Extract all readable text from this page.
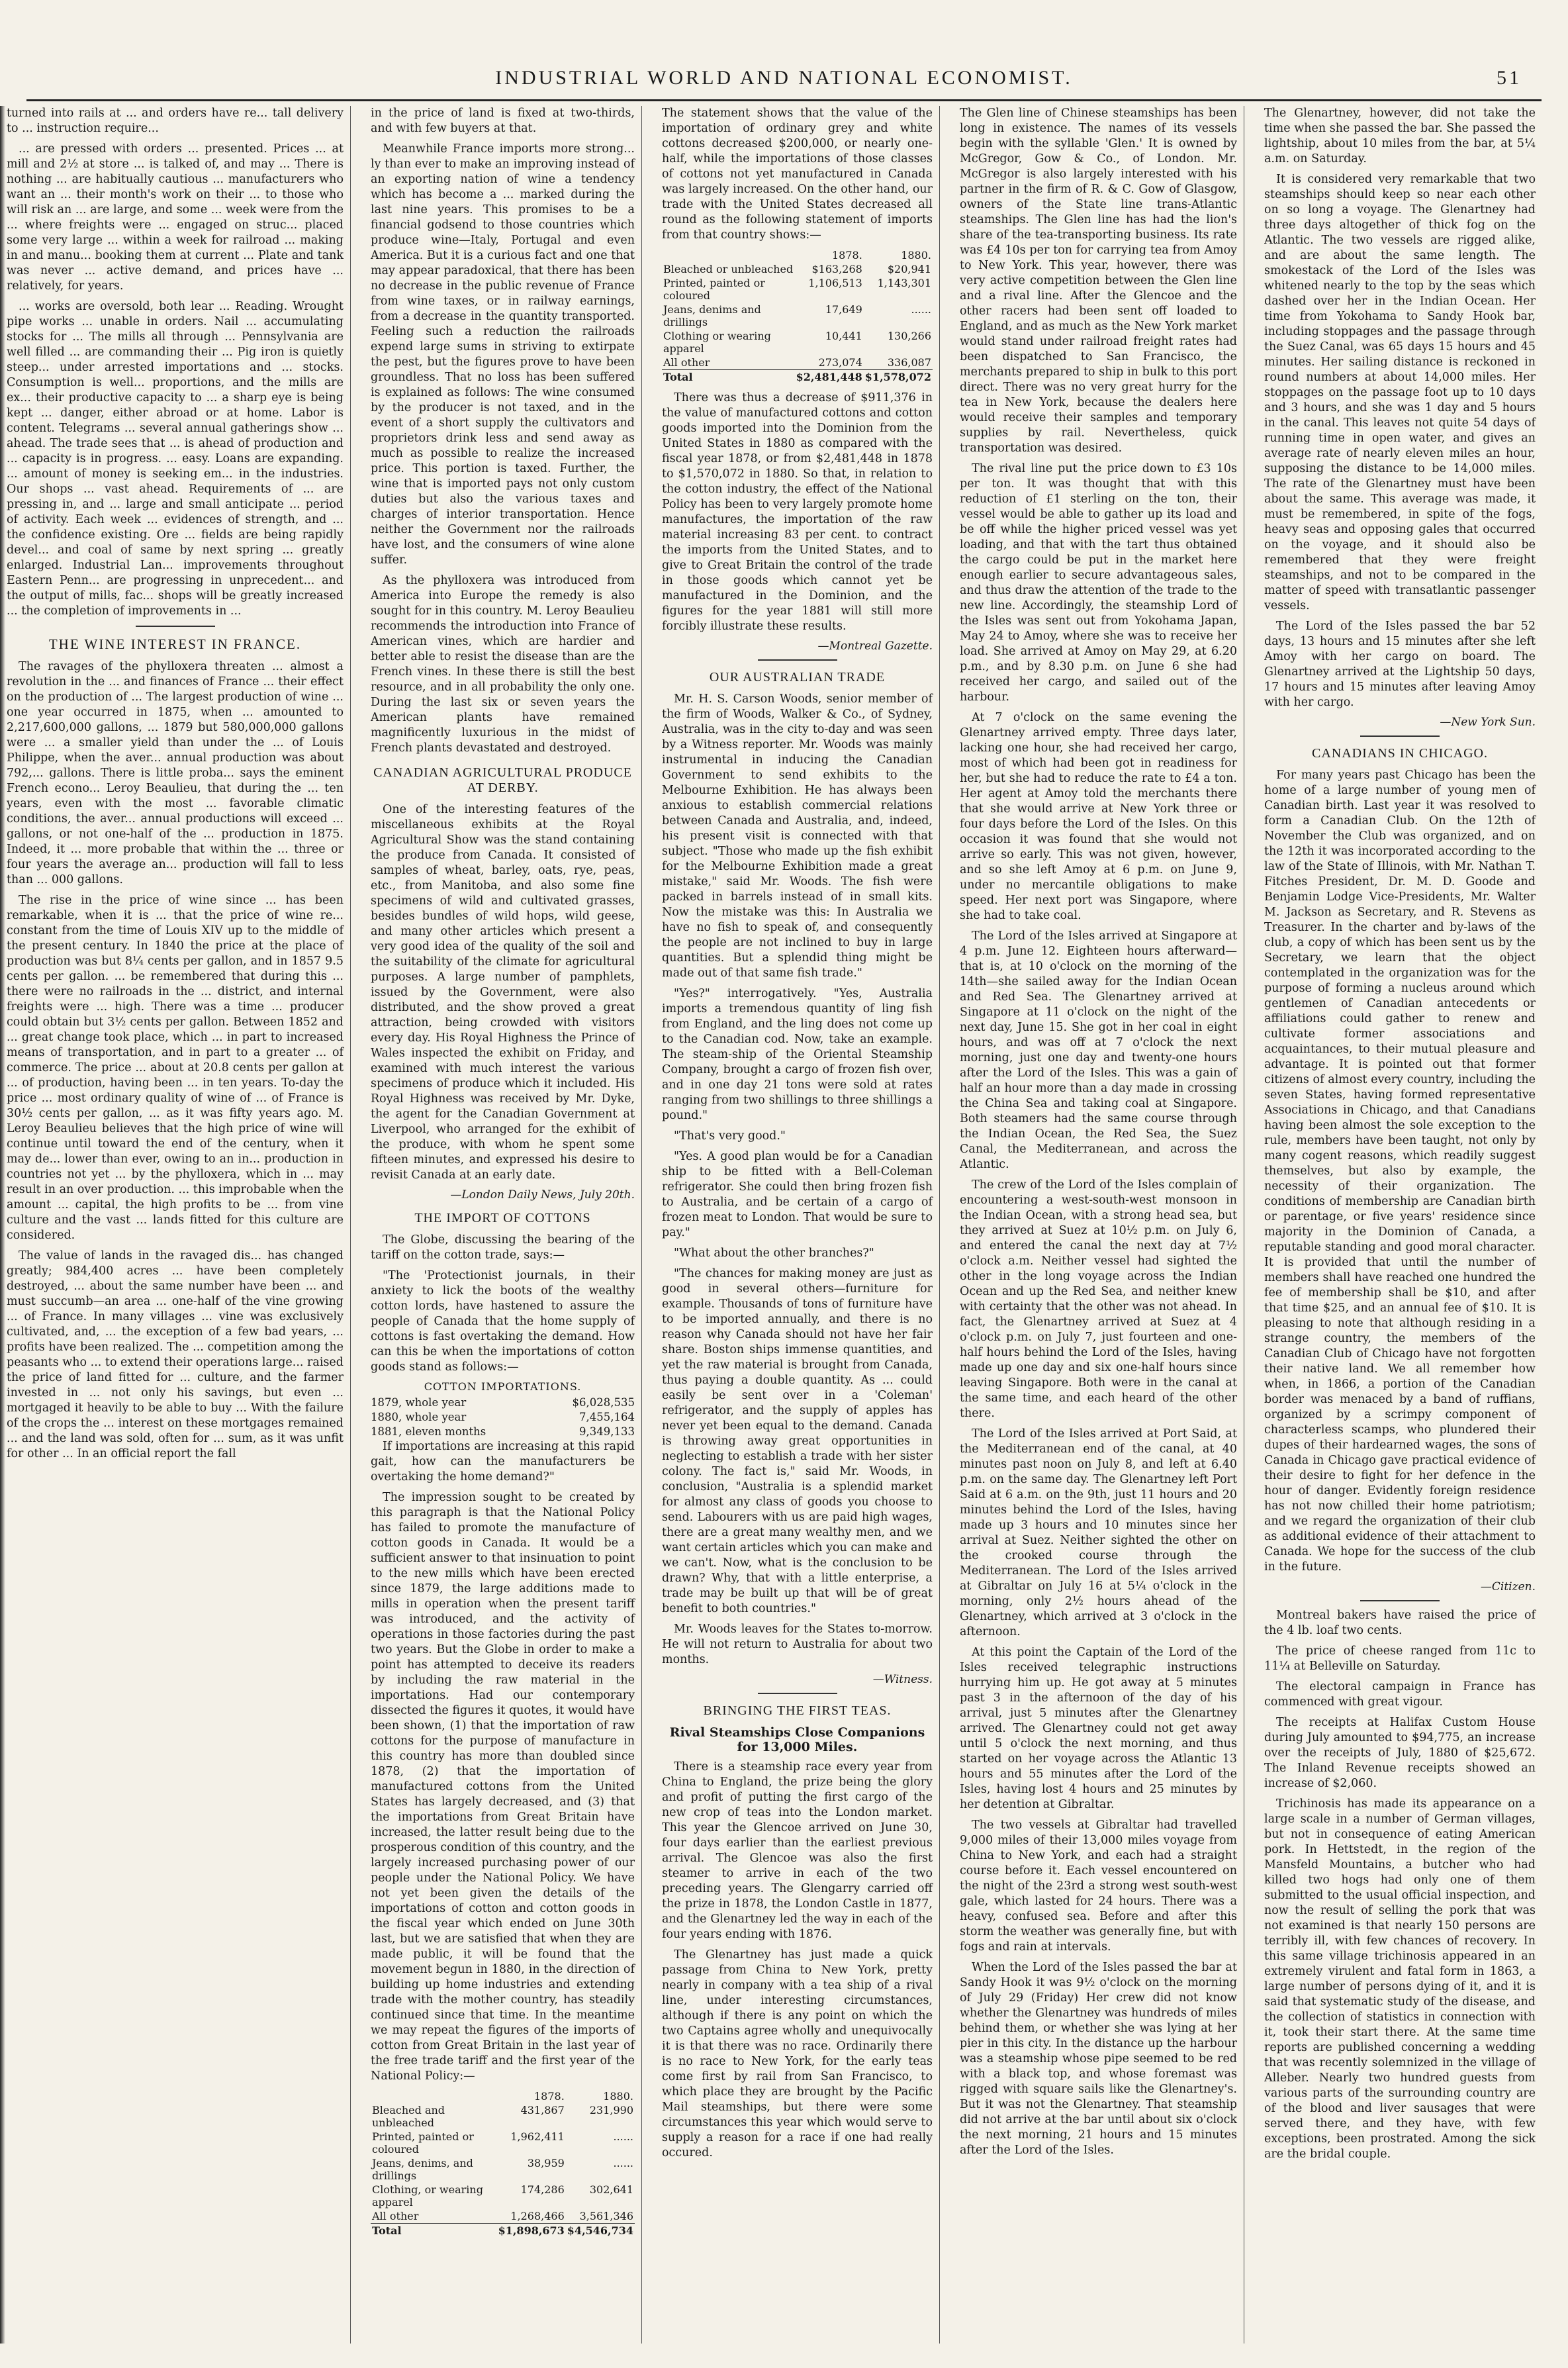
INDUSTRIAL WORLD AND NATIONAL ECONOMIST.	51

turned into rails at ... and orders have re... tall delivery to ... instruction require...

... are pressed with orders ... presented. Prices ... at mill and 2½ at store ... is talked of, and may ... There is nothing ... are habitually cautious ... manufacturers who want an ... their month's work on their ... to those who will risk an ... are large, and some ... week were from the ... where freights were ... engaged on struc... placed some very large ... within a week for railroad ... making in and manu... booking them at current ... Plate and tank was never ... active demand, and prices have ... relatively, for years.

... works are oversold, both lear ... Reading. Wrought pipe works ... unable in orders. Nail ... accumulating stocks for ... The mills all through ... Pennsylvania are well filled ... are commanding their ... Pig iron is quietly steep... under arrested importations and ... stocks. Consumption is well... proportions, and the mills are ex... their productive capacity to ... a sharp eye is being kept ... danger, either abroad or at home. Labor is content. Telegrams ... several annual gatherings show ... ahead. The trade sees that ... is ahead of production and ... capacity is in progress. ... easy. Loans are expanding. ... amount of money is seeking em... in the industries. Our shops ... vast ahead. Requirements of ... are pressing in, and ... large and small anticipate ... period of activity. Each week ... evidences of strength, and ... the confidence existing. Ore ... fields are being rapidly devel... and coal of same by next spring ... greatly enlarged. Industrial Lan... improvements throughout Eastern Penn... are progressing in unprecedent... and the output of mills, fac... shops will be greatly increased ... the completion of improvements in ...

THE WINE INTEREST IN FRANCE.

The ravages of the phylloxera threaten ... almost a revolution in the ... and finances of France ... their effect on the production of ... The largest production of wine ... one year occurred in 1875, when ... amounted to 2,217,600,000 gallons, ... 1879 but 580,000,000 gallons were ... a smaller yield than under the ... of Louis Philippe, when the aver... annual production was about 792,... gallons. There is little proba... says the eminent French econo... Leroy Beaulieu, that during the ... ten years, even with the most ... favorable climatic conditions, the aver... annual productions will exceed ... gallons, or not one-half of the ... production in 1875. Indeed, it ... more probable that within the ... three or four years the average an... production will fall to less than ... 000 gallons.

The rise in the price of wine since ... has been remarkable, when it is ... that the price of wine re... constant from the time of Louis XIV up to the middle of the present century. In 1840 the price at the place of production was but 8¼ cents per gallon, and in 1857 9.5 cents per gallon. ... be remembered that during this ... there were no railroads in the ... district, and internal freights were ... high. There was a time ... producer could obtain but 3½ cents per gallon. Between 1852 and ... great change took place, which ... in part to increased means of transportation, and in part to a greater ... of commerce. The price ... about at 20.8 cents per gallon at ... of production, having been ... in ten years. To-day the price ... most ordinary quality of wine of ... of France is 30½ cents per gallon, ... as it was fifty years ago. M. Leroy Beaulieu believes that the high price of wine will continue until toward the end of the century, when it may de... lower than ever, owing to an in... production in countries not yet ... by the phylloxera, which in ... may result in an over production. ... this improbable when the amount ... capital, the high profits to be ... from vine culture and the vast ... lands fitted for this culture are considered.

The value of lands in the ravaged dis... has changed greatly; 984,400 acres ... have been completely destroyed, ... about the same number have been ... and must succumb—an area ... one-half of the vine growing ... of France. In many villages ... vine was exclusively cultivated, and, ... the exception of a few bad years, ... profits have been realized. The ... competition among the peasants who ... to extend their operations large... raised the price of land fitted for ... culture, and the farmer invested in ... not only his savings, but even ... mortgaged it heavily to be able to buy ... With the failure of the crops the ... interest on these mortgages remained ... and the land was sold, often for ... sum, as it was unfit for other ... In an official report the fall

in the price of land is fixed at two-thirds, and with few buyers at that.

Meanwhile France imports more strong... ly than ever to make an improving instead of an exporting nation of wine a tendency which has become a ... marked during the last nine years. This promises to be a financial godsend to those countries which produce wine—Italy, Portugal and even America. But it is a curious fact and one that may appear paradoxical, that there has been no decrease in the public revenue of France from wine taxes, or in railway earnings, from a decrease in the quantity transported. Feeling such a reduction the railroads expend large sums in striving to extirpate the pest, but the figures prove to have been groundless. That no loss has been suffered is explained as follows: The wine consumed by the producer is not taxed, and in the event of a short supply the cultivators and proprietors drink less and send away as much as possible to realize the increased price. This portion is taxed. Further, the wine that is imported pays not only custom duties but also the various taxes and charges of interior transportation. Hence neither the Government nor the railroads have lost, and the consumers of wine alone suffer.

As the phylloxera was introduced from America into Europe the remedy is also sought for in this country. M. Leroy Beaulieu recommends the introduction into France of American vines, which are hardier and better able to resist the disease than are the French vines. In these there is still the best resource, and in all probability the only one. During the last six or seven years the American plants have remained magnificently luxurious in the midst of French plants devastated and destroyed.

CANADIAN AGRICULTURAL PRODUCE AT DERBY.

One of the interesting features of the miscellaneous exhibits at the Royal Agricultural Show was the stand containing the produce from Canada. It consisted of samples of wheat, barley, oats, rye, peas, etc., from Manitoba, and also some fine specimens of wild and cultivated grasses, besides bundles of wild hops, wild geese, and many other articles which present a very good idea of the quality of the soil and the suitability of the climate for agricultural purposes. A large number of pamphlets, issued by the Government, were also distributed, and the show proved a great attraction, being crowded with visitors every day. His Royal Highness the Prince of Wales inspected the exhibit on Friday, and examined with much interest the various specimens of produce which it included. His Royal Highness was received by Mr. Dyke, the agent for the Canadian Government at Liverpool, who arranged for the exhibit of the produce, with whom he spent some fifteen minutes, and expressed his desire to revisit Canada at an early date.

—London Daily News, July 20th.
THE IMPORT OF COTTONS

The Globe, discussing the bearing of the tariff on the cotton trade, says:—

"The 'Protectionist journals, in their anxiety to lick the boots of the wealthy cotton lords, have hastened to assure the people of Canada that the home supply of cottons is fast overtaking the demand. How can this be when the importations of cotton goods stand as follows:—

COTTON IMPORTATIONS.
1879, whole year	$6,028,535
1880, whole year	7,455,164
1881, eleven months	9,349,133

If importations are increasing at this rapid gait, how can the manufacturers be overtaking the home demand?"

The impression sought to be created by this paragraph is that the National Policy has failed to promote the manufacture of cotton goods in Canada. It would be a sufficient answer to that insinuation to point to the new mills which have been erected since 1879, the large additions made to mills in operation when the present tariff was introduced, and the activity of operations in those factories during the past two years. But the Globe in order to make a point has attempted to deceive its readers by including the raw material in the importations. Had our contemporary dissected the figures it quotes, it would have been shown, (1) that the importation of raw cottons for the purpose of manufacture in this country has more than doubled since 1878, (2) that the importation of manufactured cottons from the United States has largely decreased, and (3) that the importations from Great Britain have increased, the latter result being due to the prosperous condition of this country, and the largely increased purchasing power of our people under the National Policy. We have not yet been given the details of the importations of cotton and cotton goods in the fiscal year which ended on June 30th last, but we are satisfied that when they are made public, it will be found that the movement begun in 1880, in the direction of building up home industries and extending trade with the mother country, has steadily continued since that time. In the meantime we may repeat the figures of the imports of cotton from Great Britain in the last year of the free trade tariff and the first year of the National Policy:—

	1878.	1880.
Bleached and unbleached	431,867	231,990
Printed, painted or coloured	1,962,411	......
Jeans, denims, and drillings	38,959	......
Clothing, or wearing apparel	174,286	302,641
All other	1,268,466	3,561,346
Total	$1,898,673	$4,546,734

The statement shows that the value of the importation of ordinary grey and white cottons decreased $200,000, or nearly one-half, while the importations of those classes of cottons not yet manufactured in Canada was largely increased. On the other hand, our trade with the United States decreased all round as the following statement of imports from that country shows:—

	1878.	1880.
Bleached or unbleached	$163,268	$20,941
Printed, painted or coloured	1,106,513	1,143,301
Jeans, denims and drillings	17,649	......
Clothing or wearing apparel	10,441	130,266
All other	273,074	336,087
Total	$2,481,448	$1,578,072

There was thus a decrease of $911,376 in the value of manufactured cottons and cotton goods imported into the Dominion from the United States in 1880 as compared with the fiscal year 1878, or from $2,481,448 in 1878 to $1,570,072 in 1880. So that, in relation to the cotton industry, the effect of the National Policy has been to very largely promote home manufactures, the importation of the raw material increasing 83 per cent. to contract the imports from the United States, and to give to Great Britain the control of the trade in those goods which cannot yet be manufactured in the Dominion, and the figures for the year 1881 will still more forcibly illustrate these results.

—Montreal Gazette.
OUR AUSTRALIAN TRADE

Mr. H. S. Carson Woods, senior member of the firm of Woods, Walker & Co., of Sydney, Australia, was in the city to-day and was seen by a Witness reporter. Mr. Woods was mainly instrumental in inducing the Canadian Government to send exhibits to the Melbourne Exhibition. He has always been anxious to establish commercial relations between Canada and Australia, and, indeed, his present visit is connected with that subject. "Those who made up the fish exhibit for the Melbourne Exhibition made a great mistake," said Mr. Woods. The fish were packed in barrels instead of in small kits. Now the mistake was this: In Australia we have no fish to speak of, and consequently the people are not inclined to buy in large quantities. But a splendid thing might be made out of that same fish trade."

"Yes?" interrogatively. "Yes, Australia imports a tremendous quantity of ling fish from England, and the ling does not come up to the Canadian cod. Now, take an example. The steam-ship of the Oriental Steamship Company, brought a cargo of frozen fish over, and in one day 21 tons were sold at rates ranging from two shillings to three shillings a pound."

"That's very good."

"Yes. A good plan would be for a Canadian ship to be fitted with a Bell-Coleman refrigerator. She could then bring frozen fish to Australia, and be certain of a cargo of frozen meat to London. That would be sure to pay."

"What about the other branches?"

"The chances for making money are just as good in several others—furniture for example. Thousands of tons of furniture have to be imported annually, and there is no reason why Canada should not have her fair share. Boston ships immense quantities, and yet the raw material is brought from Canada, thus paying a double quantity. As ... could easily be sent over in a 'Coleman' refrigerator, and the supply of apples has never yet been equal to the demand. Canada is throwing away great opportunities in neglecting to establish a trade with her sister colony. The fact is," said Mr. Woods, in conclusion, "Australia is a splendid market for almost any class of goods you choose to send. Labourers with us are paid high wages, there are a great many wealthy men, and we want certain articles which you can make and we can't. Now, what is the conclusion to be drawn? Why, that with a little enterprise, a trade may be built up that will be of great benefit to both countries."

Mr. Woods leaves for the States to-morrow. He will not return to Australia for about two months.

—Witness.
BRINGING THE FIRST TEAS.
Rival Steamships Close Companions for 13,000 Miles.

There is a steamship race every year from China to England, the prize being the glory and profit of putting the first cargo of the new crop of teas into the London market. This year the Glencoe arrived on June 30, four days earlier than the earliest previous arrival. The Glencoe was also the first steamer to arrive in each of the two preceding years. The Glengarry carried off the prize in 1878, the London Castle in 1877, and the Glenartney led the way in each of the four years ending with 1876.

The Glenartney has just made a quick passage from China to New York, pretty nearly in company with a tea ship of a rival line, under interesting circumstances, although if there is any point on which the two Captains agree wholly and unequivocally it is that there was no race. Ordinarily there is no race to New York, for the early teas come first by rail from San Francisco, to which place they are brought by the Pacific Mail steamships, but there were some circumstances this year which would serve to supply a reason for a race if one had really occured.

The Glen line of Chinese steamships has been long in existence. The names of its vessels begin with the syllable 'Glen.' It is owned by McGregor, Gow & Co., of London. Mr. McGregor is also largely interested with his partner in the firm of R. & C. Gow of Glasgow, owners of the State line trans-Atlantic steamships. The Glen line has had the lion's share of the tea-transporting business. Its rate was £4 10s per ton for carrying tea from Amoy to New York. This year, however, there was very active competition between the Glen line and a rival line. After the Glencoe and the other racers had been sent off loaded to England, and as much as the New York market would stand under railroad freight rates had been dispatched to San Francisco, the merchants prepared to ship in bulk to this port direct. There was no very great hurry for the tea in New York, because the dealers here would receive their samples and temporary supplies by rail. Nevertheless, quick transportation was desired.

The rival line put the price down to £3 10s per ton. It was thought that with this reduction of £1 sterling on the ton, their vessel would be able to gather up its load and be off while the higher priced vessel was yet loading, and that with the tart thus obtained the cargo could be put in the market here enough earlier to secure advantageous sales, and thus draw the attention of the trade to the new line. Accordingly, the steamship Lord of the Isles was sent out from Yokohama Japan, May 24 to Amoy, where she was to receive her load. She arrived at Amoy on May 29, at 6.20 p.m., and by 8.30 p.m. on June 6 she had received her cargo, and sailed out of the harbour.

At 7 o'clock on the same evening the Glenartney arrived empty. Three days later, lacking one hour, she had received her cargo, most of which had been got in readiness for her, but she had to reduce the rate to £4 a ton. Her agent at Amoy told the merchants there that she would arrive at New York three or four days before the Lord of the Isles. On this occasion it was found that she would not arrive so early. This was not given, however, and so she left Amoy at 6 p.m. on June 9, under no mercantile obligations to make speed. Her next port was Singapore, where she had to take coal.

The Lord of the Isles arrived at Singapore at 4 p.m. June 12. Eighteen hours afterward—that is, at 10 o'clock on the morning of the 14th—she sailed away for the Indian Ocean and Red Sea. The Glenartney arrived at Singapore at 11 o'clock on the night of the next day, June 15. She got in her coal in eight hours, and was off at 7 o'clock the next morning, just one day and twenty-one hours after the Lord of the Isles. This was a gain of half an hour more than a day made in crossing the China Sea and taking coal at Singapore. Both steamers had the same course through the Indian Ocean, the Red Sea, the Suez Canal, the Mediterranean, and across the Atlantic.

The crew of the Lord of the Isles complain of encountering a west-south-west monsoon in the Indian Ocean, with a strong head sea, but they arrived at Suez at 10½ p.m. on July 6, and entered the canal the next day at 7½ o'clock a.m. Neither vessel had sighted the other in the long voyage across the Indian Ocean and up the Red Sea, and neither knew with certainty that the other was not ahead. In fact, the Glenartney arrived at Suez at 4 o'clock p.m. on July 7, just fourteen and one-half hours behind the Lord of the Isles, having made up one day and six one-half hours since leaving Singapore. Both were in the canal at the same time, and each heard of the other there.

The Lord of the Isles arrived at Port Said, at the Mediterranean end of the canal, at 40 minutes past noon on July 8, and left at 6.40 p.m. on the same day. The Glenartney left Port Said at 6 a.m. on the 9th, just 11 hours and 20 minutes behind the Lord of the Isles, having made up 3 hours and 10 minutes since her arrival at Suez. Neither sighted the other on the crooked course through the Mediterranean. The Lord of the Isles arrived at Gibraltar on July 16 at 5¼ o'clock in the morning, only 2½ hours ahead of the Glenartney, which arrived at 3 o'clock in the afternoon.

At this point the Captain of the Lord of the Isles received telegraphic instructions hurrying him up. He got away at 5 minutes past 3 in the afternoon of the day of his arrival, just 5 minutes after the Glenartney arrived. The Glenartney could not get away until 5 o'clock the next morning, and thus started on her voyage across the Atlantic 13 hours and 55 minutes after the Lord of the Isles, having lost 4 hours and 25 minutes by her detention at Gibraltar.

The two vessels at Gibraltar had travelled 9,000 miles of their 13,000 miles voyage from China to New York, and each had a straight course before it. Each vessel encountered on the night of the 23rd a strong west south-west gale, which lasted for 24 hours. There was a heavy, confused sea. Before and after this storm the weather was generally fine, but with fogs and rain at intervals.

When the Lord of the Isles passed the bar at Sandy Hook it was 9½ o'clock on the morning of July 29 (Friday) Her crew did not know whether the Glenartney was hundreds of miles behind them, or whether she was lying at her pier in this city. In the distance up the harbour was a steamship whose pipe seemed to be red with a black top, and whose foremast was rigged with square sails like the Glenartney's. But it was not the Glenartney. That steamship did not arrive at the bar until about six o'clock the next morning, 21 hours and 15 minutes after the Lord of the Isles.

The Glenartney, however, did not take the time when she passed the bar. She passed the lightship, about 10 miles from the bar, at 5¼ a.m. on Saturday.

It is considered very remarkable that two steamships should keep so near each other on so long a voyage. The Glenartney had three days altogether of thick fog on the Atlantic. The two vessels are rigged alike, and are about the same length. The smokestack of the Lord of the Isles was whitened nearly to the top by the seas which dashed over her in the Indian Ocean. Her time from Yokohama to Sandy Hook bar, including stoppages and the passage through the Suez Canal, was 65 days 15 hours and 45 minutes. Her sailing distance is reckoned in round numbers at about 14,000 miles. Her stoppages on the passage foot up to 10 days and 3 hours, and she was 1 day and 5 hours in the canal. This leaves not quite 54 days of running time in open water, and gives an average rate of nearly eleven miles an hour, supposing the distance to be 14,000 miles. The rate of the Glenartney must have been about the same. This average was made, it must be remembered, in spite of the fogs, heavy seas and opposing gales that occurred on the voyage, and it should also be remembered that they were freight steamships, and not to be compared in the matter of speed with transatlantic passenger vessels.

The Lord of the Isles passed the bar 52 days, 13 hours and 15 minutes after she left Amoy with her cargo on board. The Glenartney arrived at the Lightship 50 days, 17 hours and 15 minutes after leaving Amoy with her cargo.

—New York Sun.
CANADIANS IN CHICAGO.

For many years past Chicago has been the home of a large number of young men of Canadian birth. Last year it was resolved to form a Canadian Club. On the 12th of November the Club was organized, and on the 12th it was incorporated according to the law of the State of Illinois, with Mr. Nathan T. Fitches President, Dr. M. D. Goode and Benjamin Lodge Vice-Presidents, Mr. Walter M. Jackson as Secretary, and R. Stevens as Treasurer. In the charter and by-laws of the club, a copy of which has been sent us by the Secretary, we learn that the object contemplated in the organization was for the purpose of forming a nucleus around which gentlemen of Canadian antecedents or affiliations could gather to renew and cultivate former associations and acquaintances, to their mutual pleasure and advantage. It is pointed out that former citizens of almost every country, including the seven States, having formed representative Associations in Chicago, and that Canadians having been almost the sole exception to the rule, members have been taught, not only by many cogent reasons, which readily suggest themselves, but also by example, the necessity of their organization. The conditions of membership are Canadian birth or parentage, or five years' residence since majority in the Dominion of Canada, a reputable standing and good moral character. It is provided that until the number of members shall have reached one hundred the fee of membership shall be $10, and after that time $25, and an annual fee of $10. It is pleasing to note that although residing in a strange country, the members of the Canadian Club of Chicago have not forgotten their native land. We all remember how when, in 1866, a portion of the Canadian border was menaced by a band of ruffians, organized by a scrimpy component of characterless scamps, who plundered their dupes of their hardearned wages, the sons of Canada in Chicago gave practical evidence of their desire to fight for her defence in the hour of danger. Evidently foreign residence has not now chilled their home patriotism; and we regard the organization of their club as additional evidence of their attachment to Canada. We hope for the success of the club in the future.

—Citizen.

Montreal bakers have raised the price of the 4 lb. loaf two cents.

The price of cheese ranged from 11c to 11¼ at Belleville on Saturday.

The electoral campaign in France has commenced with great vigour.

The receipts at Halifax Custom House during July amounted to $94,775, an increase over the receipts of July, 1880 of $25,672. The Inland Revenue receipts showed an increase of $2,060.

Trichinosis has made its appearance on a large scale in a number of German villages, but not in consequence of eating American pork. In Hettstedt, in the region of the Mansfeld Mountains, a butcher who had killed two hogs had only one of them submitted to the usual official inspection, and now the result of selling the pork that was not examined is that nearly 150 persons are terribly ill, with few chances of recovery. In this same village trichinosis appeared in an extremely virulent and fatal form in 1863, a large number of persons dying of it, and it is said that systematic study of the disease, and the collection of statistics in connection with it, took their start there. At the same time reports are published concerning a wedding that was recently solemnized in the village of Alleber. Nearly two hundred guests from various parts of the surrounding country are of the blood and liver sausages that were served there, and they have, with few exceptions, been prostrated. Among the sick are the bridal couple.
